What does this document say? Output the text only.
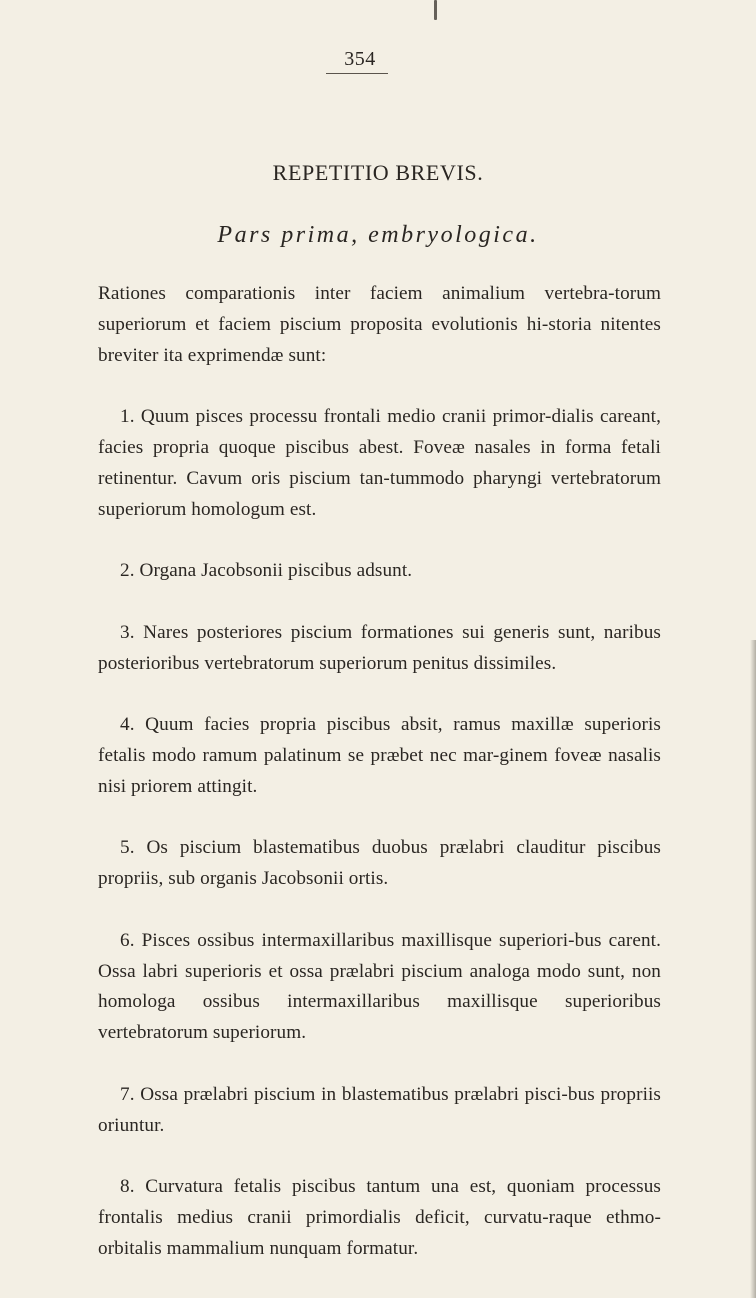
354
REPETITIO BREVIS.
Pars prima, embryologica.

Rationes comparationis inter faciem animalium vertebra-torum superiorum et faciem piscium proposita evolutionis hi-storia nitentes breviter ita exprimendæ sunt:

1. Quum pisces processu frontali medio cranii primor-dialis careant, facies propria quoque piscibus abest. Foveæ nasales in forma fetali retinentur. Cavum oris piscium tan-tummodo pharyngi vertebratorum superiorum homologum est.

2. Organa Jacobsonii piscibus adsunt.

3. Nares posteriores piscium formationes sui generis sunt, naribus posterioribus vertebratorum superiorum penitus dissimiles.

4. Quum facies propria piscibus absit, ramus maxillæ superioris fetalis modo ramum palatinum se præbet nec mar-ginem foveæ nasalis nisi priorem attingit.

5. Os piscium blastematibus duobus prælabri clauditur piscibus propriis, sub organis Jacobsonii ortis.

6. Pisces ossibus intermaxillaribus maxillisque superiori-bus carent. Ossa labri superioris et ossa prælabri piscium analoga modo sunt, non homologa ossibus intermaxillaribus maxillisque superioribus vertebratorum superiorum.

7. Ossa prælabri piscium in blastematibus prælabri pisci-bus propriis oriuntur.

8. Curvatura fetalis piscibus tantum una est, quoniam processus frontalis medius cranii primordialis deficit, curvatu-raque ethmo-orbitalis mammalium nunquam formatur.
